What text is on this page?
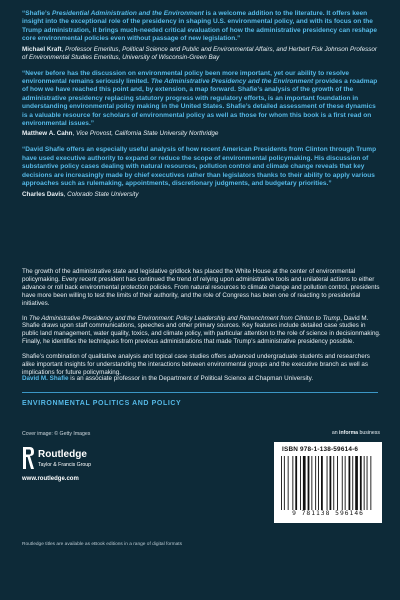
“Shafie’s Presidential Administration and the Environment is a welcome addition to the literature. It offers keen insight into the exceptional role of the presidency in shaping U.S. environmental policy, and with its focus on the Trump administration, it brings much-needed critical evaluation of how the administrative presidency can reshape core environmental policies even without passage of new legislation.”

Michael Kraft, Professor Emeritus, Political Science and Public and Environmental Affairs, and Herbert Fisk Johnson Professor of Environmental Studies Emeritus, University of Wisconsin-Green Bay

“Never before has the discussion on environmental policy been more important, yet our ability to resolve environmental remains seriously limited. The Administrative Presidency and the Environment provides a roadmap of how we have reached this point and, by extension, a map forward. Shafie’s analysis of the growth of the administrative presidency replacing statutory progress with regulatory efforts, is an important foundation in understanding environmental policy making in the United States. Shafie’s detailed assessment of these dynamics is a valuable resource for scholars of environmental policy as well as those for whom this book is a first read on environmental issues.”

Matthew A. Cahn, Vice Provost, California State University Northridge

“David Shafie offers an especially useful analysis of how recent American Presidents from Clinton through Trump have used executive authority to expand or reduce the scope of environmental policymaking. His discussion of substantive policy cases dealing with natural resources, pollution control and climate change reveals that key decisions are increasingly made by chief executives rather than legislators thanks to their ability to apply various approaches such as rulemaking, appointments, discretionary judgments, and budgetary priorities.”

Charles Davis, Colorado State University

The growth of the administrative state and legislative gridlock has placed the White House at the center of environmental policymaking. Every recent president has continued the trend of relying upon administrative tools and unilateral actions to either advance or roll back environmental protection policies. From natural resources to climate change and pollution control, presidents have more been willing to test the limits of their authority, and the role of Congress has been one of reacting to presidential initiatives.

In The Administrative Presidency and the Environment: Policy Leadership and Retrenchment from Clinton to Trump, David M. Shafie draws upon staff communications, speeches and other primary sources. Key features include detailed case studies in public land management, water quality, toxics, and climate policy, with particular attention to the role of science in decisionmaking. Finally, he identifies the techniques from previous administrations that made Trump’s administrative presidency possible.

Shafie’s combination of qualitative analysis and topical case studies offers advanced undergraduate students and researchers alike important insights for understanding the interactions between environmental groups and the executive branch as well as implications for future policymaking.

David M. Shafie is an associate professor in the Department of Political Science at Chapman University.
ENVIRONMENTAL POLITICS AND POLICY
Cover image: © Getty Images
Routledge
Taylor & Francis Group
www.routledge.com
an informa business
ISBN 978-1-138-59614-6
9 781138 596146
Routledge titles are available as eBook editions in a range of digital formats
